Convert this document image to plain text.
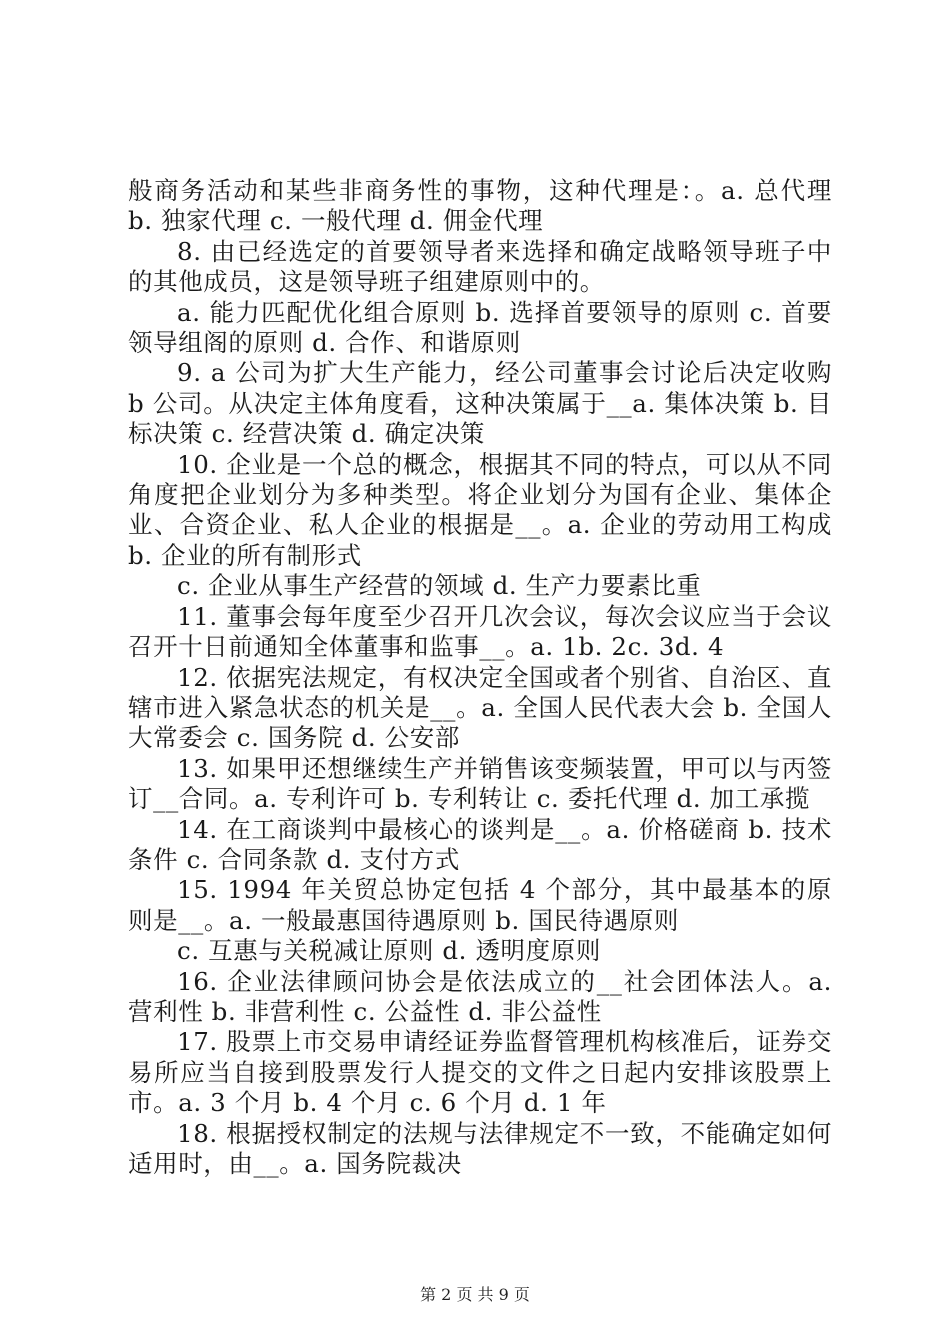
般商务活动和某些非商务性的事物，这种代理是：。a. 总代理 b. 独家代理 c. 一般代理 d. 佣金代理

8. 由已经选定的首要领导者来选择和确定战略领导班子中的其他成员，这是领导班子组建原则中的。

a. 能力匹配优化组合原则 b. 选择首要领导的原则 c. 首要领导组阁的原则 d. 合作、和谐原则

9. a 公司为扩大生产能力，经公司董事会讨论后决定收购 b 公司。从决定主体角度看，这种决策属于__a. 集体决策 b. 目标决策 c. 经营决策 d. 确定决策

10. 企业是一个总的概念，根据其不同的特点，可以从不同角度把企业划分为多种类型。将企业划分为国有企业、集体企业、合资企业、私人企业的根据是__。a. 企业的劳动用工构成 b. 企业的所有制形式

c. 企业从事生产经营的领域 d. 生产力要素比重

11. 董事会每年度至少召开几次会议，每次会议应当于会议召开十日前通知全体董事和监事__。a. 1b. 2c. 3d. 4

12. 依据宪法规定，有权决定全国或者个别省、自治区、直辖市进入紧急状态的机关是__。a. 全国人民代表大会 b. 全国人大常委会 c. 国务院 d. 公安部

13. 如果甲还想继续生产并销售该变频装置，甲可以与丙签订__合同。a. 专利许可 b. 专利转让 c. 委托代理 d. 加工承揽

14. 在工商谈判中最核心的谈判是__。a. 价格磋商 b. 技术条件 c. 合同条款 d. 支付方式

15. 1994 年关贸总协定包括 4 个部分，其中最基本的原则是__。a. 一般最惠国待遇原则 b. 国民待遇原则

c. 互惠与关税减让原则 d. 透明度原则

16. 企业法律顾问协会是依法成立的__社会团体法人。a. 营利性 b. 非营利性 c. 公益性 d. 非公益性

17. 股票上市交易申请经证券监督管理机构核准后，证券交易所应当自接到股票发行人提交的文件之日起内安排该股票上市。a. 3 个月 b. 4 个月 c. 6 个月 d. 1 年

18. 根据授权制定的法规与法律规定不一致，不能确定如何适用时，由__。a. 国务院裁决

第 2 页 共 9 页
